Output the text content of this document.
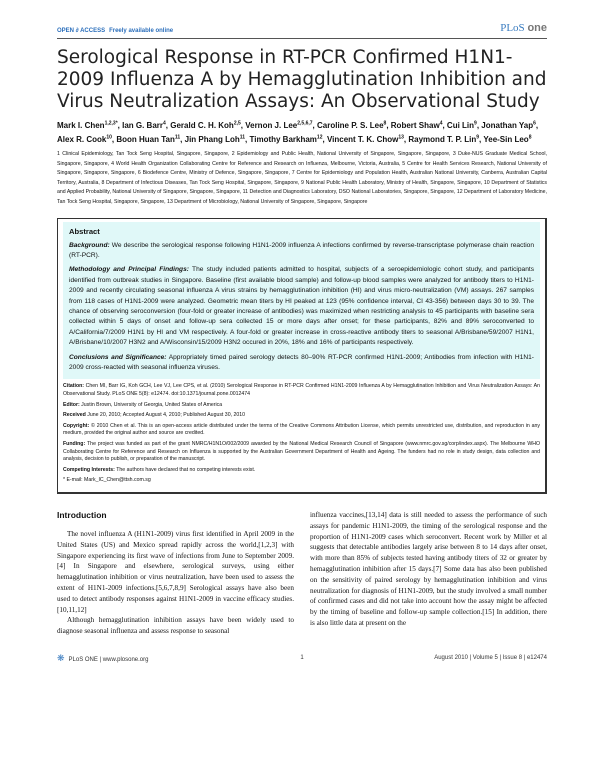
OPEN ∂ ACCESS Freely available online	PLoS one
Serological Response in RT-PCR Confirmed H1N1-2009 Influenza A by Hemagglutination Inhibition and Virus Neutralization Assays: An Observational Study
Mark I. Chen$^{1,2,3*}$, Ian G. Barr$^4$, Gerald C. H. Koh$^{2,5}$, Vernon J. Lee$^{2,5,6,7}$, Caroline P. S. Lee$^8$, Robert Shaw$^4$, Cui Lin$^9$, Jonathan Yap$^6$, Alex R. Cook$^{10}$, Boon Huan Tan$^{11}$, Jin Phang Loh$^{11}$, Timothy Barkham$^{12}$, Vincent T. K. Chow$^{13}$, Raymond T. P. Lin$^9$, Yee-Sin Leo$^8$
1 Clinical Epidemiology, Tan Tock Seng Hospital, Singapore, Singapore, 2 Epidemiology and Public Health, National University of Singapore, Singapore, Singapore, 3 Duke-NUS Graduate Medical School, Singapore, Singapore, 4 World Health Organization Collaborating Centre for Reference and Research on Influenza, Melbourne, Victoria, Australia, 5 Centre for Health Services Research, National University of Singapore, Singapore, Singapore, 6 Biodefence Centre, Ministry of Defence, Singapore, Singapore, 7 Centre for Epidemiology and Population Health, Australian National University, Canberra, Australian Capital Territory, Australia, 8 Department of Infectious Diseases, Tan Tock Seng Hospital, Singapore, Singapore, 9 National Public Health Laboratory, Ministry of Health, Singapore, Singapore, 10 Department of Statistics and Applied Probability, National University of Singapore, Singapore, Singapore, 11 Detection and Diagnostics Laboratory, DSO National Laboratories, Singapore, Singapore, 12 Department of Laboratory Medicine, Tan Tock Seng Hospital, Singapore, Singapore, 13 Department of Microbiology, National University of Singapore, Singapore, Singapore
Abstract

Background: We describe the serological response following H1N1-2009 influenza A infections confirmed by reverse-transcriptase polymerase chain reaction (RT-PCR).

Methodology and Principal Findings: The study included patients admitted to hospital, subjects of a seroepidemiologic cohort study, and participants identified from outbreak studies in Singapore. Baseline (first available blood sample) and follow-up blood samples were analyzed for antibody titers to H1N1-2009 and recently circulating seasonal influenza A virus strains by hemagglutination inhibition (HI) and virus micro-neutralization (VM) assays. 267 samples from 118 cases of H1N1-2009 were analyzed. Geometric mean titers by HI peaked at 123 (95% confidence interval, CI 43-356) between days 30 to 39. The chance of observing seroconversion (four-fold or greater increase of antibodies) was maximized when restricting analysis to 45 participants with baseline sera collected within 5 days of onset and follow-up sera collected 15 or more days after onset; for these participants, 82% and 89% seroconverted to A/California/7/2009 H1N1 by HI and VM respectively. A four-fold or greater increase in cross-reactive antibody titers to seasonal A/Brisbane/59/2007 H1N1, A/Brisbane/10/2007 H3N2 and A/Wisconsin/15/2009 H3N2 occured in 20%, 18% and 16% of participants respectively.

Conclusions and Significance: Appropriately timed paired serology detects 80–90% RT-PCR confirmed H1N1-2009; Antibodies from infection with H1N1-2009 cross-reacted with seasonal influenza viruses.

Citation: Chen MI, Barr IG, Koh GCH, Lee VJ, Lee CPS, et al. (2010) Serological Response in RT-PCR Confirmed H1N1-2009 Influenza A by Hemagglutination Inhibition and Virus Neutralization Assays: An Observational Study. PLoS ONE 5(8): e12474. doi:10.1371/journal.pone.0012474

Editor: Justin Brown, University of Georgia, United States of America

Received June 20, 2010; Accepted August 4, 2010; Published August 30, 2010

Copyright: © 2010 Chen et al. This is an open-access article distributed under the terms of the Creative Commons Attribution License, which permits unrestricted use, distribution, and reproduction in any medium, provided the original author and source are credited.

Funding: The project was funded as part of the grant NMRC/H1N1O/002/2009 awarded by the National Medical Research Council of Singapore (www.nmrc.gov.sg/corp/index.aspx). The Melbourne WHO Collaborating Centre for Reference and Research on Influenza is supported by the Australian Government Department of Health and Ageing. The funders had no role in study design, data collection and analysis, decision to publish, or preparation of the manuscript.

Competing Interests: The authors have declared that no competing interests exist.

* E-mail: Mark_IC_Chen@ttsh.com.sg

Introduction

The novel influenza A (H1N1-2009) virus first identified in April 2009 in the United States (US) and Mexico spread rapidly across the world,[1,2,3] with Singapore experiencing its first wave of infections from June to September 2009.[4] In Singapore and elsewhere, serological surveys, using either hemagglutination inhibition or virus neutralization, have been used to assess the extent of H1N1-2009 infections.[5,6,7,8,9] Serological assays have also been used to detect antibody responses against H1N1-2009 in vaccine efficacy studies.[10,11,12]

Although hemagglutination inhibition assays have been widely used to diagnose seasonal influenza and assess response to seasonal

influenza vaccines,[13,14] data is still needed to assess the performance of such assays for pandemic H1N1-2009, the timing of the serological response and the proportion of H1N1-2009 cases which seroconvert. Recent work by Miller et al suggests that detectable antibodies largely arise between 8 to 14 days after onset, with more than 85% of subjects tested having antibody titers of 32 or greater by hemagglutination inhibition after 15 days.[7] Some data has also been published on the sensitivity of paired serology by hemagglutination inhibition and virus neutralization for diagnosis of H1N1-2009, but the study involved a small number of confirmed cases and did not take into account how the assay might be affected by the timing of baseline and follow-up sample collection.[15] In addition, there is also little data at present on the
❋ PLoS ONE | www.plosone.org	1	August 2010 | Volume 5 | Issue 8 | e12474
